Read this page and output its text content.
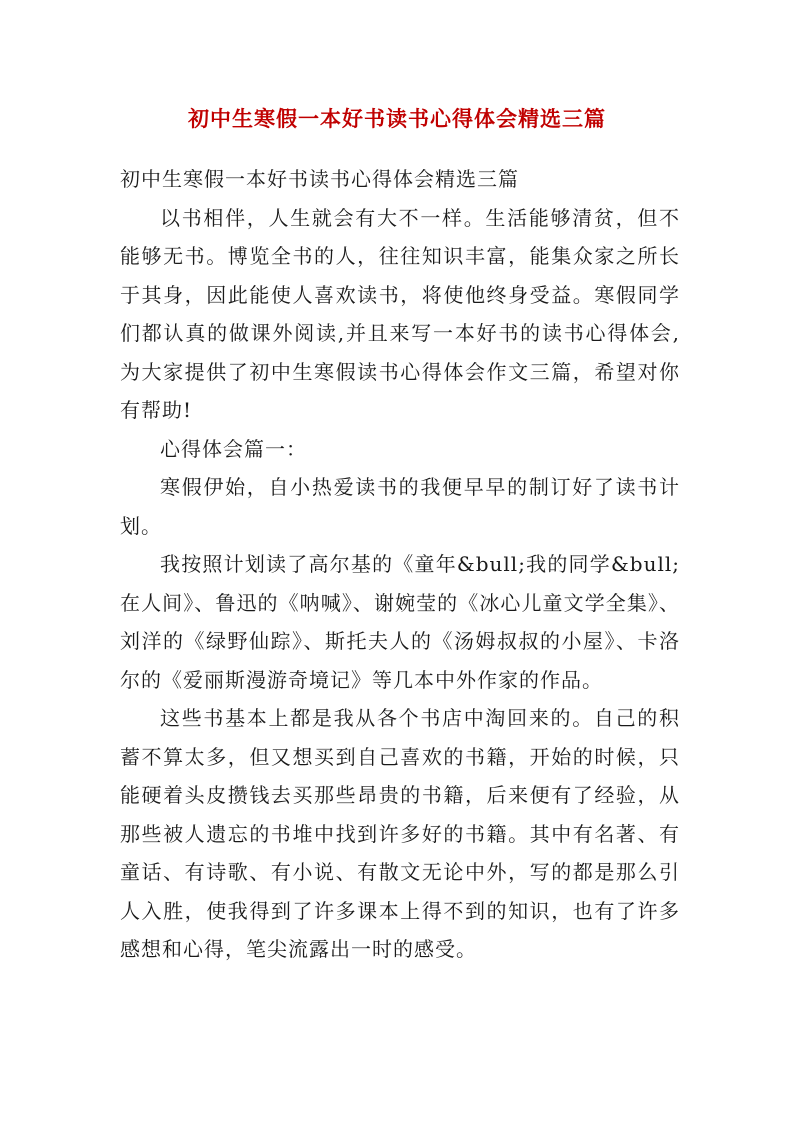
初中生寒假一本好书读书心得体会精选三篇

初中生寒假一本好书读书心得体会精选三篇

以书相伴，人生就会有大不一样。生活能够清贫，但不能够无书。博览全书的人，往往知识丰富，能集众家之所长于其身，因此能使人喜欢读书，将使他终身受益。寒假同学们都认真的做课外阅读,并且来写一本好书的读书心得体会,为大家提供了初中生寒假读书心得体会作文三篇，希望对你有帮助!

心得体会篇一：

寒假伊始，自小热爱读书的我便早早的制订好了读书计划。

我按照计划读了高尔基的《童年&bull;我的同学&bull;在人间》、鲁迅的《呐喊》、谢婉莹的《冰心儿童文学全集》、刘洋的《绿野仙踪》、斯托夫人的《汤姆叔叔的小屋》、卡洛尔的《爱丽斯漫游奇境记》等几本中外作家的作品。

这些书基本上都是我从各个书店中淘回来的。自己的积蓄不算太多，但又想买到自己喜欢的书籍，开始的时候，只能硬着头皮攒钱去买那些昂贵的书籍，后来便有了经验，从那些被人遗忘的书堆中找到许多好的书籍。其中有名著、有童话、有诗歌、有小说、有散文无论中外，写的都是那么引人入胜，使我得到了许多课本上得不到的知识，也有了许多感想和心得，笔尖流露出一时的感受。
